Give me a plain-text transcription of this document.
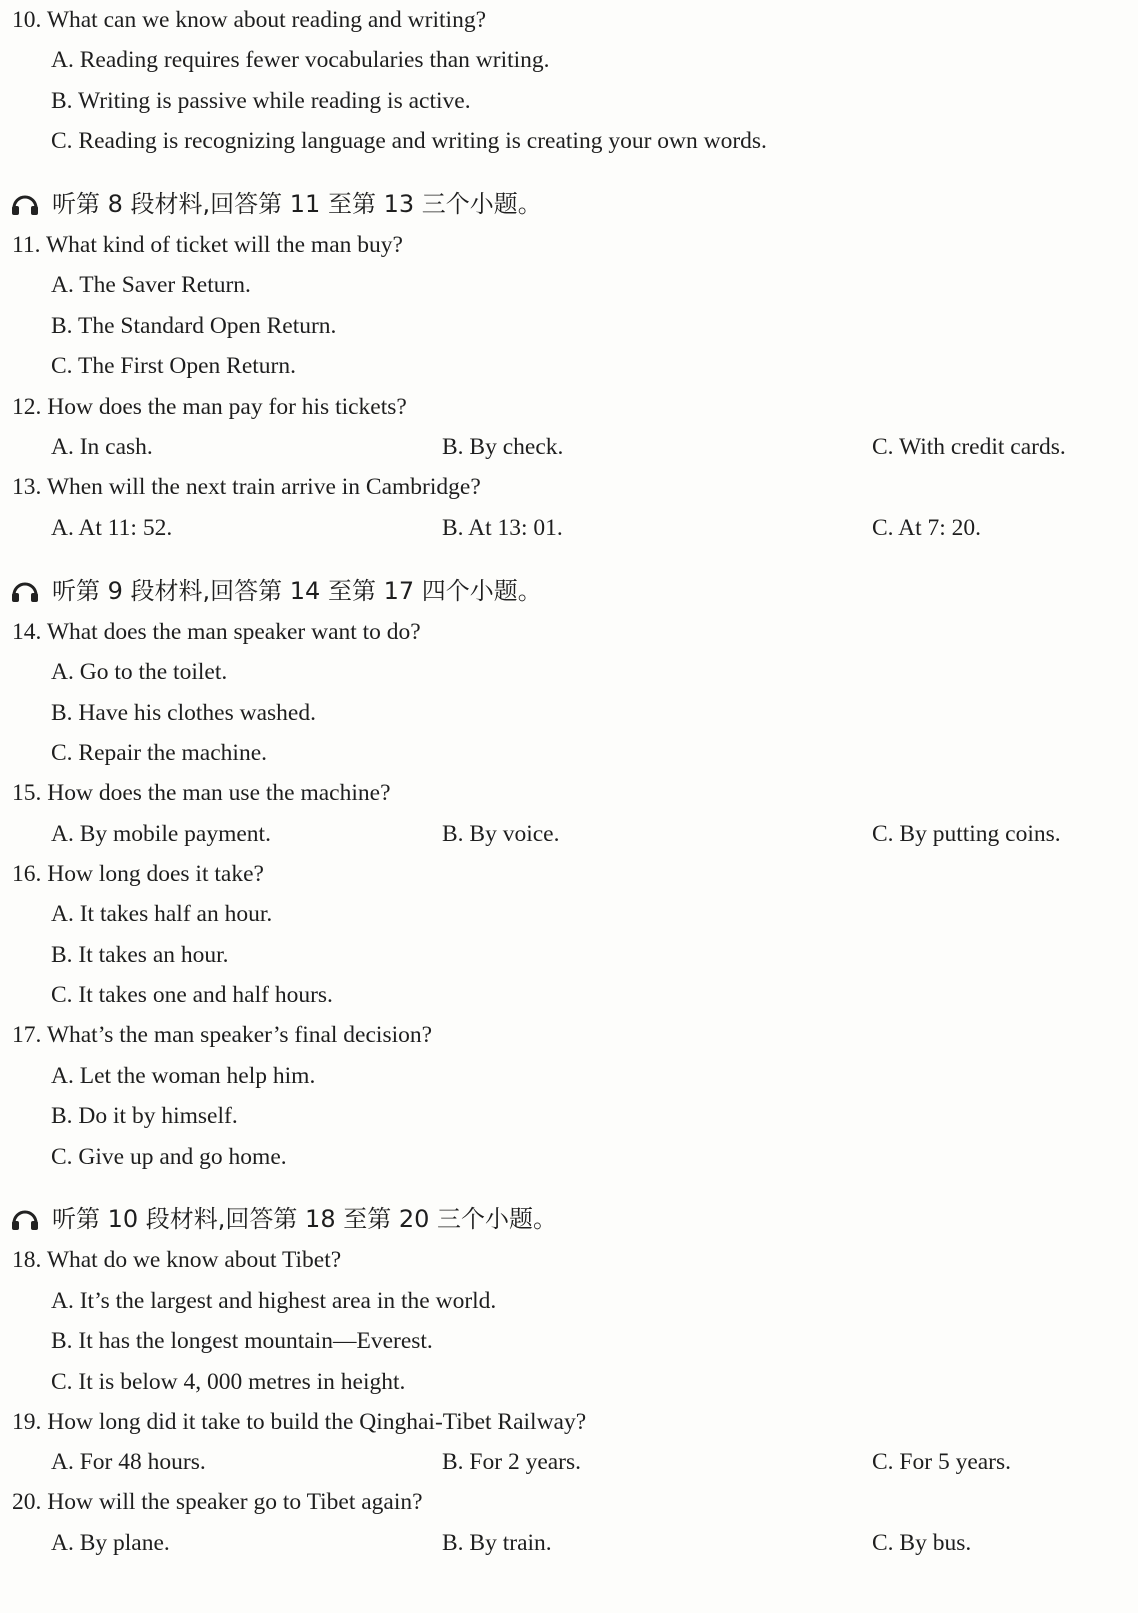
10. What can we know about reading and writing?
A. Reading requires fewer vocabularies than writing.
B. Writing is passive while reading is active.
C. Reading is recognizing language and writing is creating your own words.
听第 8 段材料,回答第 11 至第 13 三个小题。
11. What kind of ticket will the man buy?
A. The Saver Return.
B. The Standard Open Return.
C. The First Open Return.
12. How does the man pay for his tickets?
A. In cash.	B. By check.	C. With credit cards.
13. When will the next train arrive in Cambridge?
A. At 11: 52.	B. At 13: 01.	C. At 7: 20.
听第 9 段材料,回答第 14 至第 17 四个小题。
14. What does the man speaker want to do?
A. Go to the toilet.
B. Have his clothes washed.
C. Repair the machine.
15. How does the man use the machine?
A. By mobile payment.	B. By voice.	C. By putting coins.
16. How long does it take?
A. It takes half an hour.
B. It takes an hour.
C. It takes one and half hours.
17. What’s the man speaker’s final decision?
A. Let the woman help him.
B. Do it by himself.
C. Give up and go home.
听第 10 段材料,回答第 18 至第 20 三个小题。
18. What do we know about Tibet?
A. It’s the largest and highest area in the world.
B. It has the longest mountain—Everest.
C. It is below 4, 000 metres in height.
19. How long did it take to build the Qinghai-Tibet Railway?
A. For 48 hours.	B. For 2 years.	C. For 5 years.
20. How will the speaker go to Tibet again?
A. By plane.	B. By train.	C. By bus.
